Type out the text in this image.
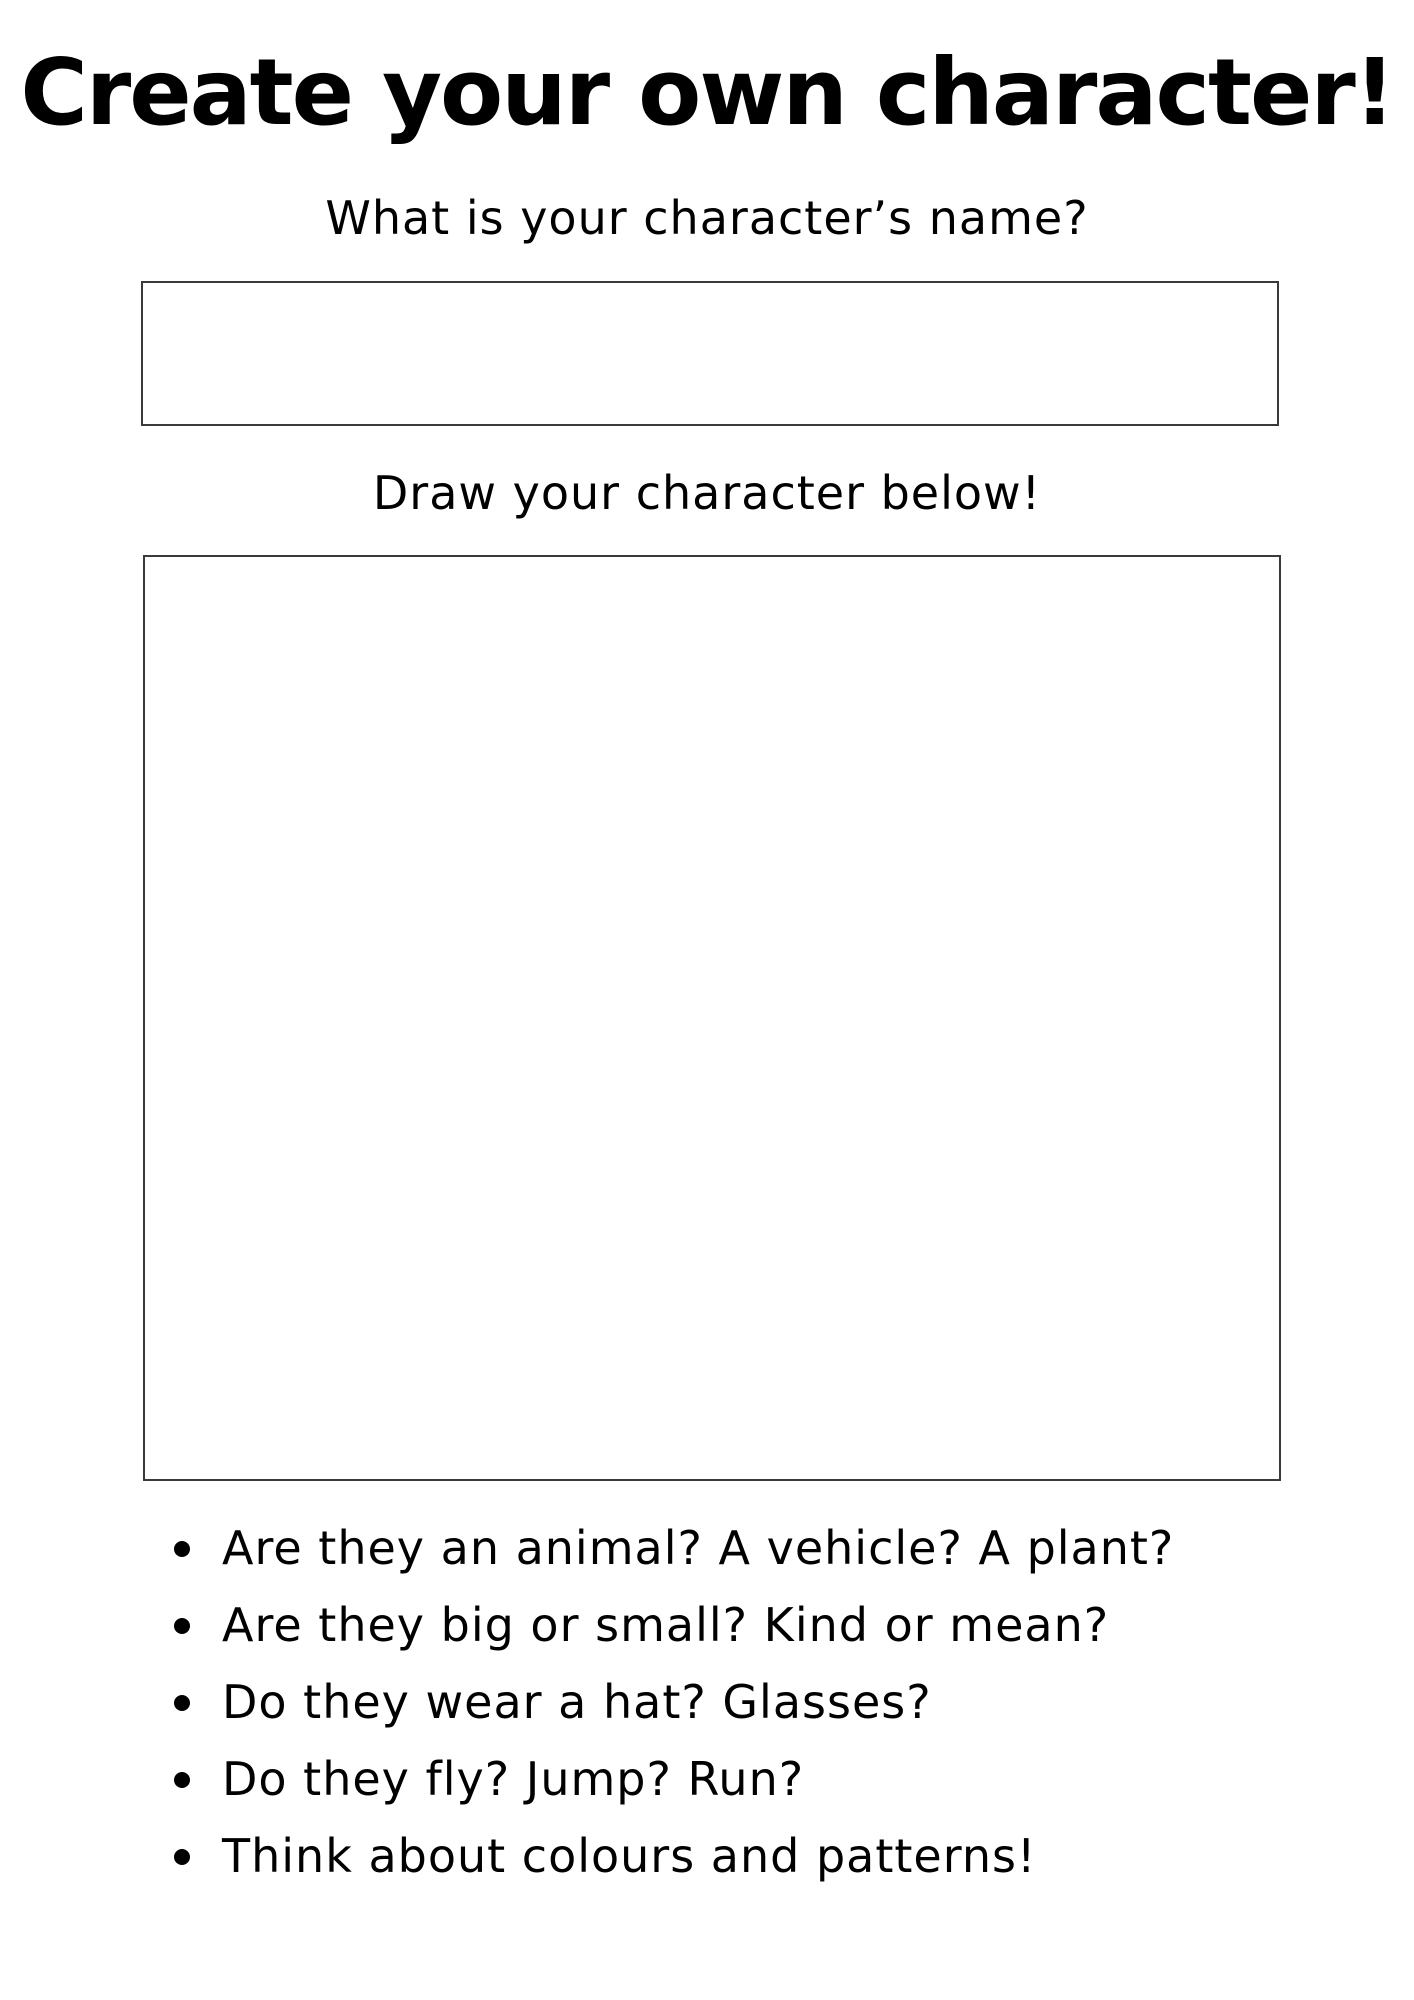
Create your own character!
What is your character’s name?
Draw your character below!
Are they an animal? A vehicle? A plant?
Are they big or small? Kind or mean?
Do they wear a hat? Glasses?
Do they fly? Jump? Run?
Think about colours and patterns!
